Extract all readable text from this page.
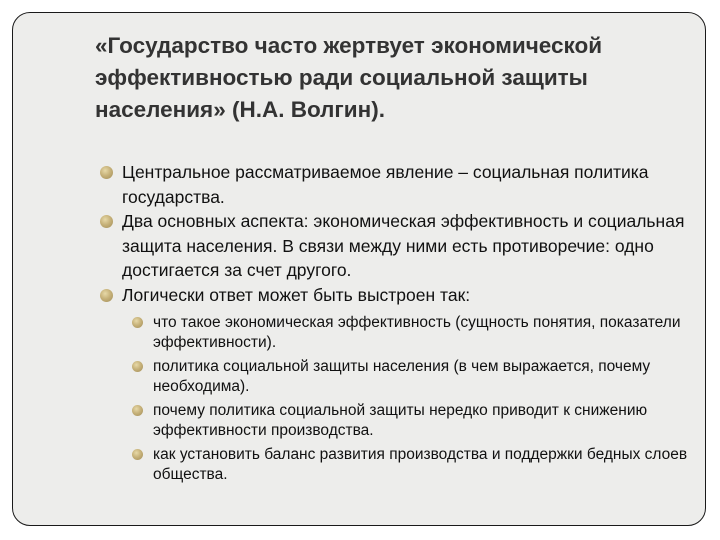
«Государство часто жертвует экономической эффективностью ради социальной защиты населения» (Н.А. Волгин).
Центральное рассматриваемое явление – социальная политика государства.
Два основных аспекта: экономическая эффективность и социальная защита населения. В связи между ними есть противоречие: одно достигается за счет другого.
Логически ответ может быть выстроен так:
что такое экономическая эффективность (сущность понятия, показатели эффективности).
политика социальной защиты населения (в чем выражается, почему необходима).
почему политика социальной защиты нередко приводит к снижению эффективности производства.
как установить баланс развития производства и поддержки бедных слоев общества.
